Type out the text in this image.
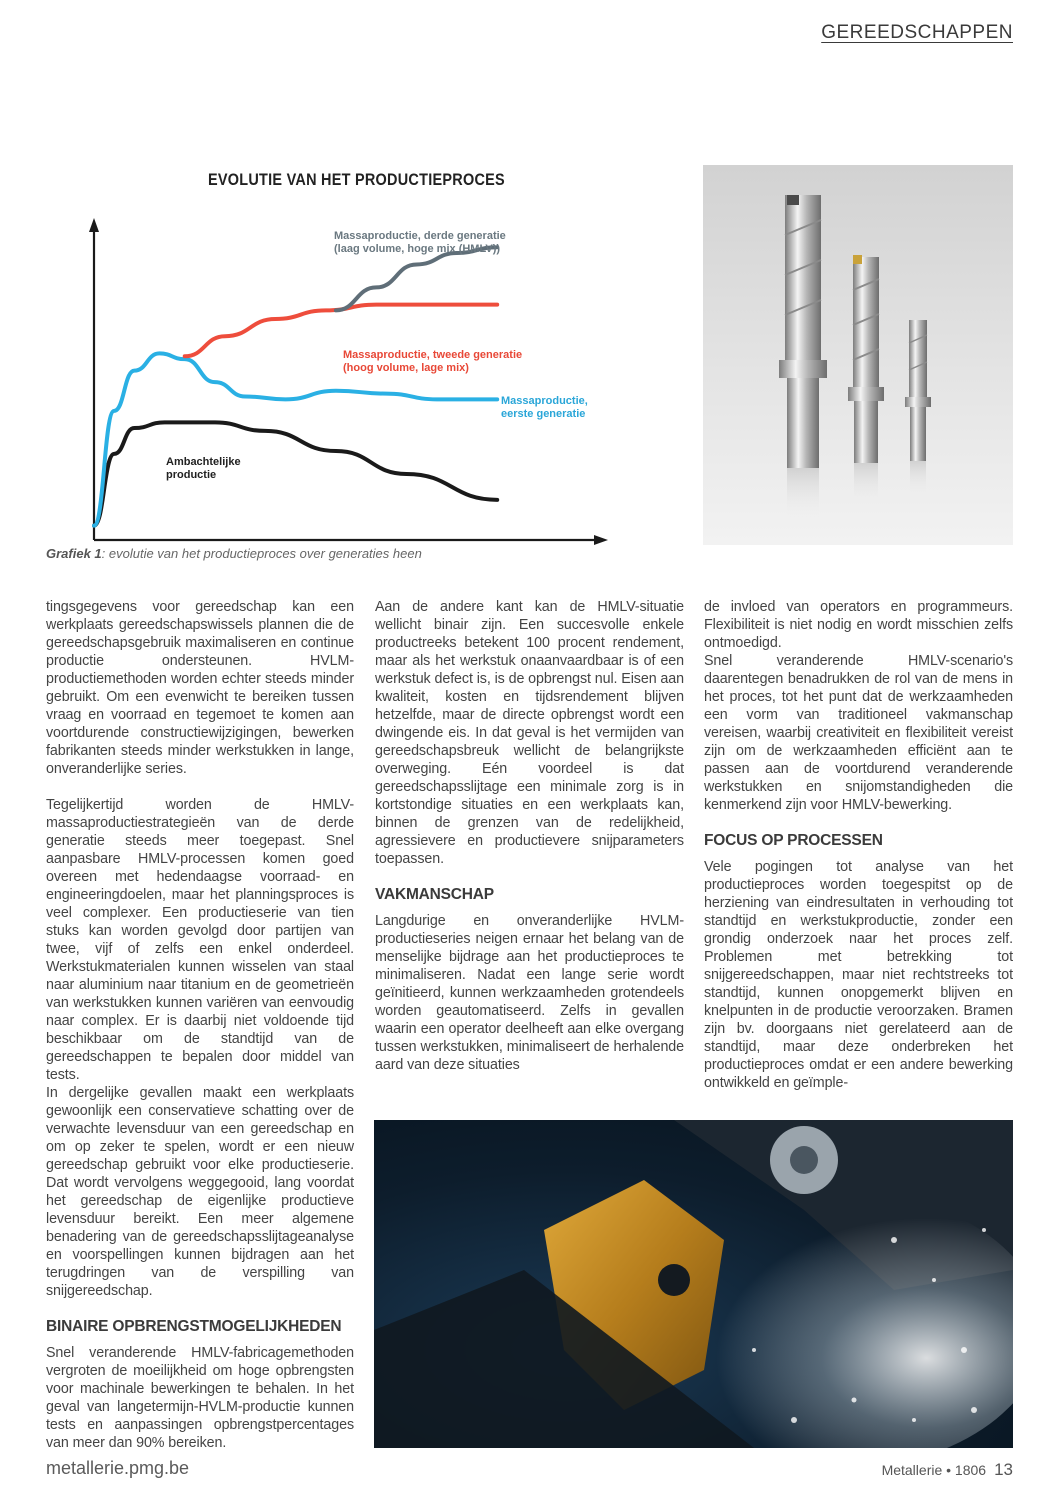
GEREEDSCHAPPEN
EVOLUTIE VAN HET PRODUCTIEPROCES
Ambachtelijke
productie
Massaproductie,
eerste generatie
Massaproductie, tweede generatie
(hoog volume, lage mix)
Massaproductie, derde generatie
(laag volume, hoge mix (HMLV))
Grafiek 1: evolutie van het productieproces over generaties heen

tingsgegevens voor gereedschap kan een werkplaats gereedschapswissels plannen die de gereedschapsgebruik maximaliseren en continue productie ondersteunen. HVLM-productiemethoden worden echter steeds minder gebruikt. Om een evenwicht te bereiken tussen vraag en voorraad en tegemoet te komen aan voortdurende constructiewijzigingen, bewerken fabrikanten steeds minder werkstukken in lange, onveranderlijke series.

Tegelijkertijd worden de HMLV-massaproductiestrategieën van de derde generatie steeds meer toegepast. Snel aanpasbare HMLV-processen komen goed overeen met hedendaagse voorraad- en engineeringdoelen, maar het planningsproces is veel complexer. Een productieserie van tien stuks kan worden gevolgd door partijen van twee, vijf of zelfs een enkel onderdeel. Werkstukmaterialen kunnen wisselen van staal naar aluminium naar titanium en de geometrieën van werkstukken kunnen variëren van eenvoudig naar complex. Er is daarbij niet voldoende tijd beschikbaar om de standtijd van de gereedschappen te bepalen door middel van tests.

In dergelijke gevallen maakt een werkplaats gewoonlijk een conservatieve schatting over de verwachte levensduur van een gereedschap en om op zeker te spelen, wordt er een nieuw gereedschap gebruikt voor elke productieserie. Dat wordt vervolgens weggegooid, lang voordat het gereedschap de eigenlijke productieve levensduur bereikt. Een meer algemene benadering van de gereedschapsslijtageanalyse en voorspellingen kunnen bijdragen aan het terugdringen van de verspilling van snijgereedschap.

BINAIRE OPBRENGSTMOGELIJKHEDEN

Snel veranderende HMLV-fabricagemethoden vergroten de moeilijkheid om hoge opbrengsten voor machinale bewerkingen te behalen. In het geval van langetermijn-HVLM-productie kunnen tests en aanpassingen opbrengstpercentages van meer dan 90% bereiken.

Aan de andere kant kan de HMLV-situatie wellicht binair zijn. Een succesvolle enkele productreeks betekent 100 procent rendement, maar als het werkstuk onaanvaardbaar is of een werkstuk defect is, is de opbrengst nul. Eisen aan kwaliteit, kosten en tijdsrendement blijven hetzelfde, maar de directe opbrengst wordt een dwingende eis. In dat geval is het vermijden van gereedschapsbreuk wellicht de belangrijkste overweging. Eén voordeel is dat gereedschapsslijtage een minimale zorg is in kortstondige situaties en een werkplaats kan, binnen de grenzen van de redelijkheid, agressievere en productievere snijparameters toepassen.

VAKMANSCHAP

Langdurige en onveranderlijke HVLM-productieseries neigen ernaar het belang van de menselijke bijdrage aan het productieproces te minimaliseren. Nadat een lange serie wordt geïnitieerd, kunnen werkzaamheden grotendeels worden geautomatiseerd. Zelfs in gevallen waarin een operator deelheeft aan elke overgang tussen werkstukken, minimaliseert de herhalende aard van deze situaties

de invloed van operators en programmeurs. Flexibiliteit is niet nodig en wordt misschien zelfs ontmoedigd.

Snel veranderende HMLV-scenario's daarentegen benadrukken de rol van de mens in het proces, tot het punt dat de werkzaamheden een vorm van traditioneel vakmanschap vereisen, waarbij creativiteit en flexibiliteit vereist zijn om de werkzaamheden efficiënt aan te passen aan de voortdurend veranderende werkstukken en snijomstandigheden die kenmerkend zijn voor HMLV-bewerking.

FOCUS OP PROCESSEN

Vele pogingen tot analyse van het productieproces worden toegespitst op de herziening van eindresultaten in verhouding tot standtijd en werkstukproductie, zonder een grondig onderzoek naar het proces zelf. Problemen met betrekking tot snijgereedschappen, maar niet rechtstreeks tot standtijd, kunnen onopgemerkt blijven en knelpunten in de productie veroorzaken. Bramen zijn bv. doorgaans niet gerelateerd aan de standtijd, maar deze onderbreken het productieproces omdat er een andere bewerking ontwikkeld en geïmple-

metallerie.pmg.be	Metallerie • 1806 13
